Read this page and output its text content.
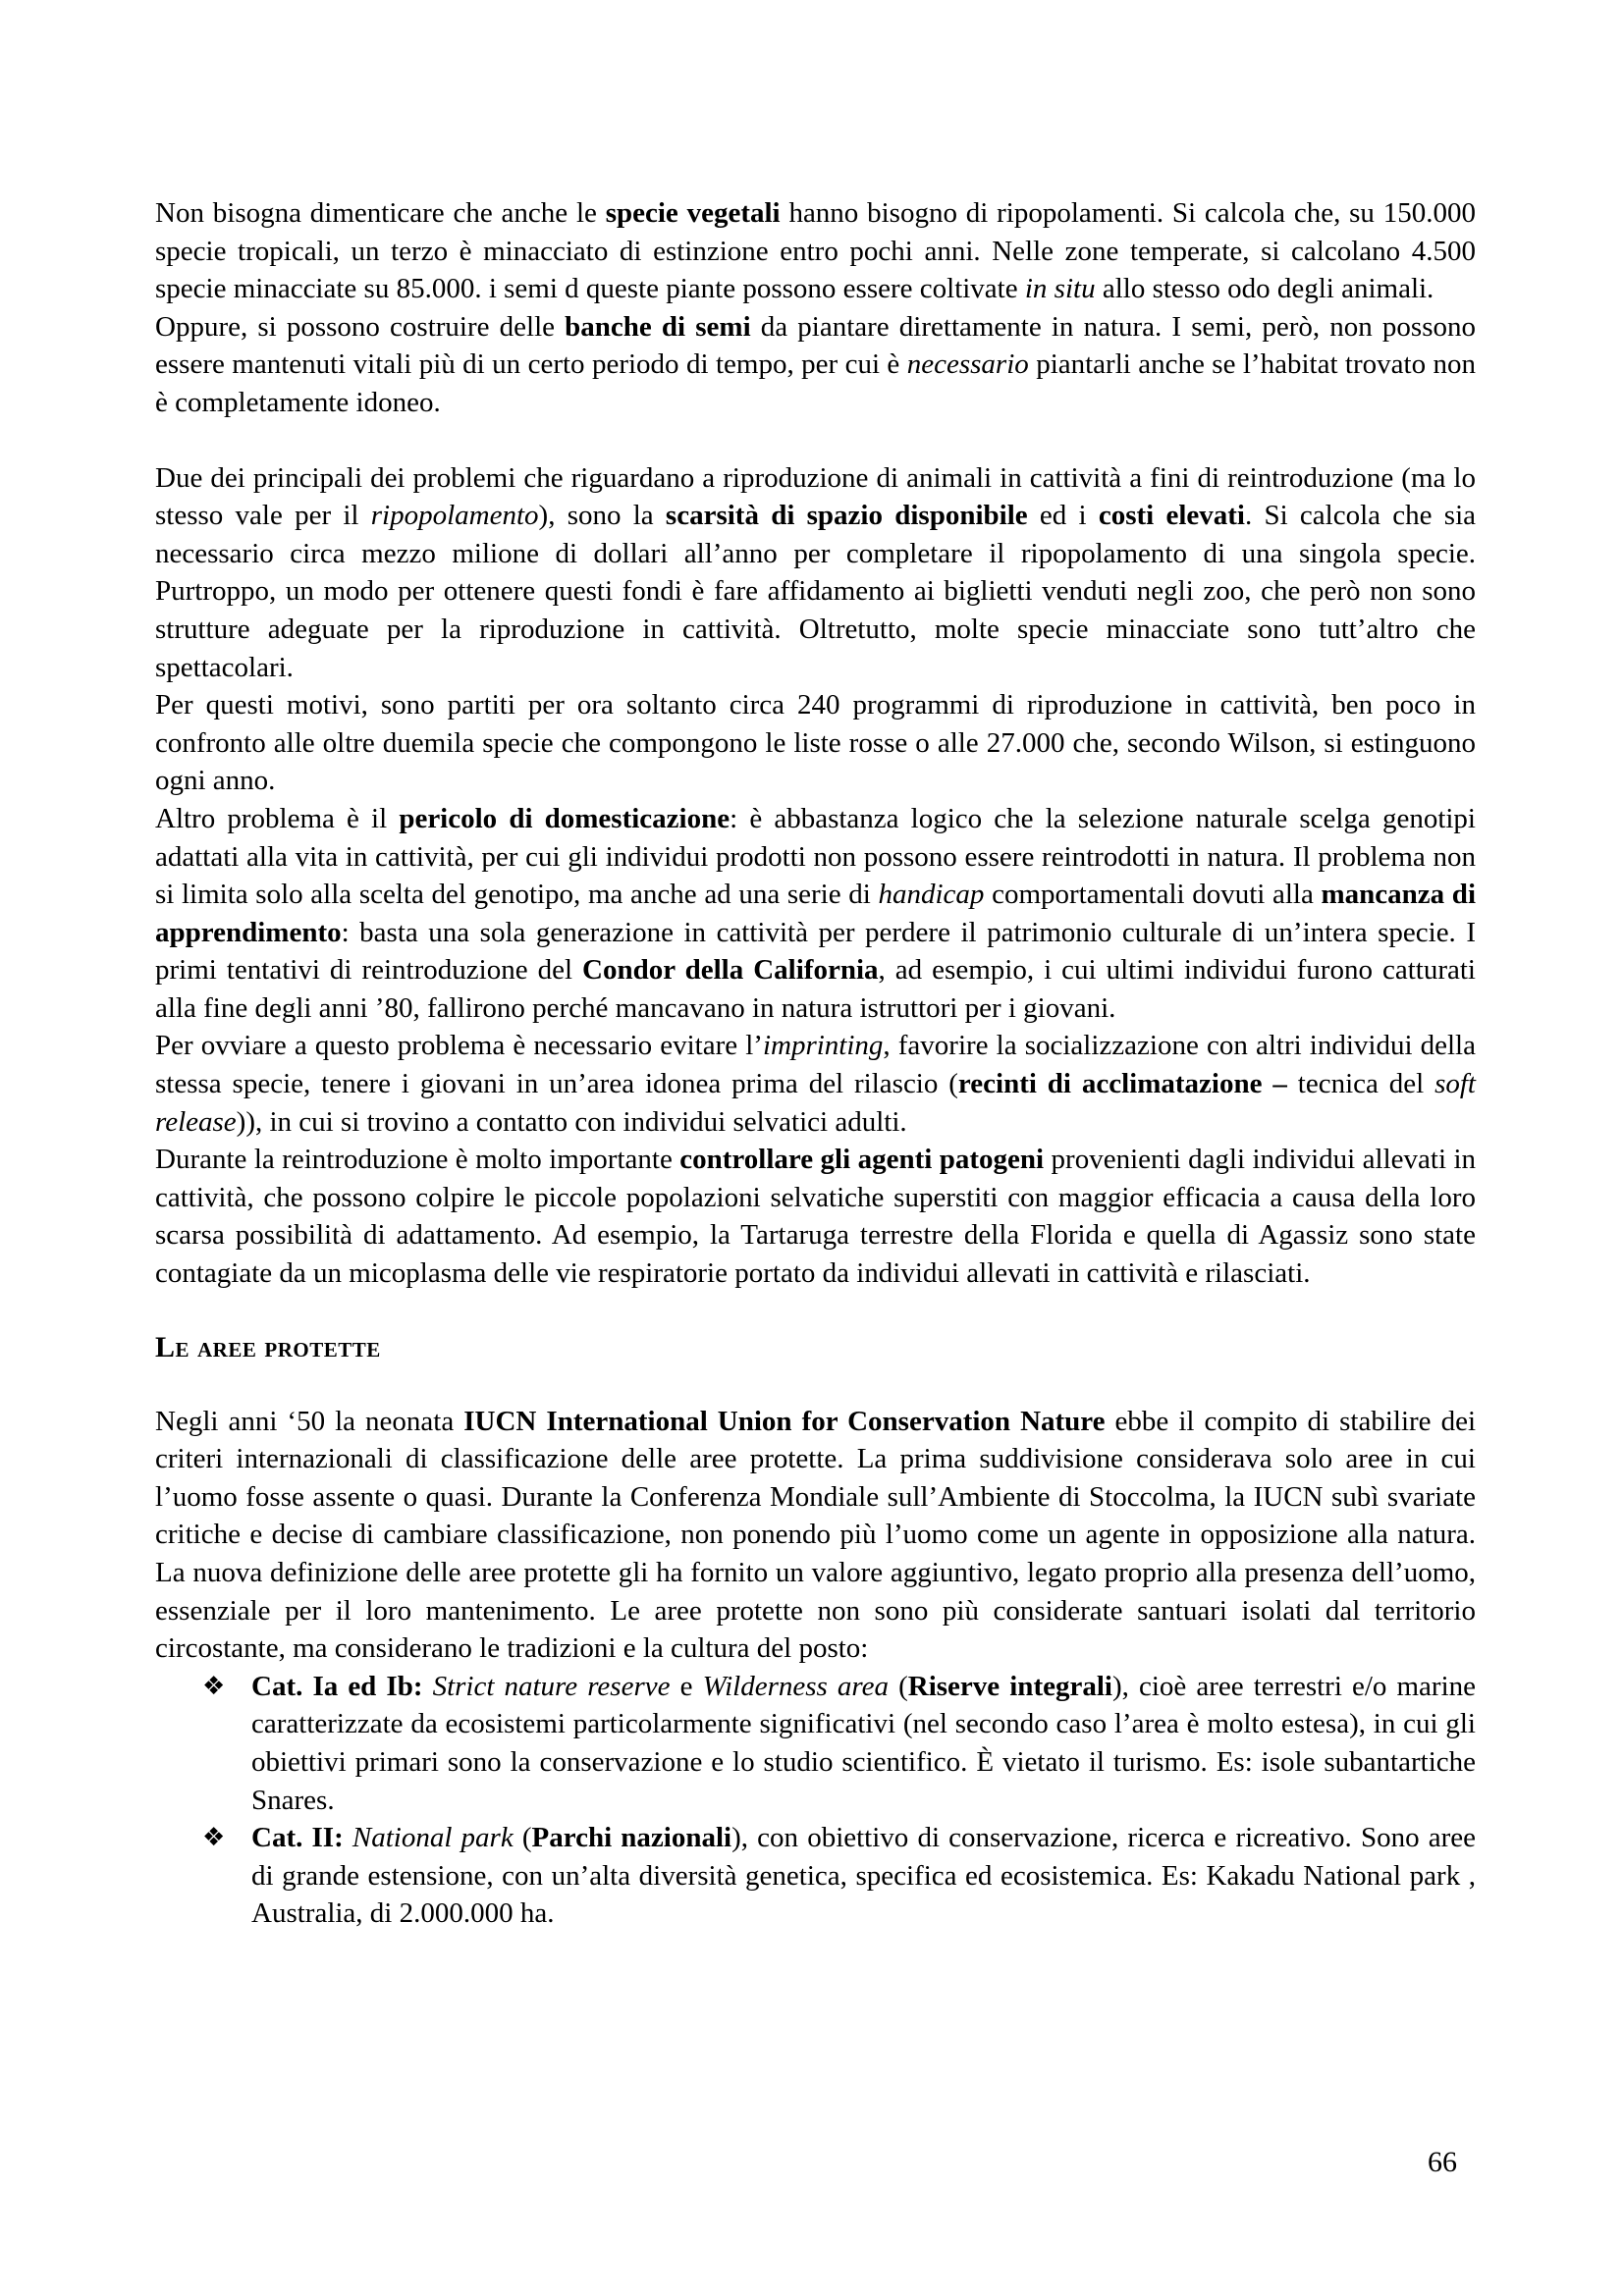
Non bisogna dimenticare che anche le specie vegetali hanno bisogno di ripopolamenti. Si calcola che, su 150.000 specie tropicali, un terzo è minacciato di estinzione entro pochi anni. Nelle zone temperate, si calcolano 4.500 specie minacciate su 85.000. i semi d queste piante possono essere coltivate in situ allo stesso odo degli animali.

Oppure, si possono costruire delle banche di semi da piantare direttamente in natura. I semi, però, non possono essere mantenuti vitali più di un certo periodo di tempo, per cui è necessario piantarli anche se l’habitat trovato non è completamente idoneo.

Due dei principali dei problemi che riguardano a riproduzione di animali in cattività a fini di reintroduzione (ma lo stesso vale per il ripopolamento), sono la scarsità di spazio disponibile ed i costi elevati. Si calcola che sia necessario circa mezzo milione di dollari all’anno per completare il ripopolamento di una singola specie. Purtroppo, un modo per ottenere questi fondi è fare affidamento ai biglietti venduti negli zoo, che però non sono strutture adeguate per la riproduzione in cattività. Oltretutto, molte specie minacciate sono tutt’altro che spettacolari.

Per questi motivi, sono partiti per ora soltanto circa 240 programmi di riproduzione in cattività, ben poco in confronto alle oltre duemila specie che compongono le liste rosse o alle 27.000 che, secondo Wilson, si estinguono ogni anno.

Altro problema è il pericolo di domesticazione: è abbastanza logico che la selezione naturale scelga genotipi adattati alla vita in cattività, per cui gli individui prodotti non possono essere reintrodotti in natura. Il problema non si limita solo alla scelta del genotipo, ma anche ad una serie di handicap comportamentali dovuti alla mancanza di apprendimento: basta una sola generazione in cattività per perdere il patrimonio culturale di un’intera specie. I primi tentativi di reintroduzione del Condor della California, ad esempio, i cui ultimi individui furono catturati alla fine degli anni ’80, fallirono perché mancavano in natura istruttori per i giovani.

Per ovviare a questo problema è necessario evitare l’imprinting, favorire la socializzazione con altri individui della stessa specie, tenere i giovani in un’area idonea prima del rilascio (recinti di acclimatazione – tecnica del soft release)), in cui si trovino a contatto con individui selvatici adulti.

Durante la reintroduzione è molto importante controllare gli agenti patogeni provenienti dagli individui allevati in cattività, che possono colpire le piccole popolazioni selvatiche superstiti con maggior efficacia a causa della loro scarsa possibilità di adattamento. Ad esempio, la Tartaruga terrestre della Florida e quella di Agassiz sono state contagiate da un micoplasma delle vie respiratorie portato da individui allevati in cattività e rilasciati.

Le aree protette

Negli anni ‘50 la neonata IUCN International Union for Conservation Nature ebbe il compito di stabilire dei criteri internazionali di classificazione delle aree protette. La prima suddivisione considerava solo aree in cui l’uomo fosse assente o quasi. Durante la Conferenza Mondiale sull’Ambiente di Stoccolma, la IUCN subì svariate critiche e decise di cambiare classificazione, non ponendo più l’uomo come un agente in opposizione alla natura. La nuova definizione delle aree protette gli ha fornito un valore aggiuntivo, legato proprio alla presenza dell’uomo, essenziale per il loro mantenimento. Le aree protette non sono più considerate santuari isolati dal territorio circostante, ma considerano le tradizioni e la cultura del posto:

❖ Cat. Ia ed Ib: Strict nature reserve e Wilderness area (Riserve integrali), cioè aree terrestri e/o marine caratterizzate da ecosistemi particolarmente significativi (nel secondo caso l’area è molto estesa), in cui gli obiettivi primari sono la conservazione e lo studio scientifico. È vietato il turismo. Es: isole subantartiche Snares.
❖ Cat. II: National park (Parchi nazionali), con obiettivo di conservazione, ricerca e ricreativo. Sono aree di grande estensione, con un’alta diversità genetica, specifica ed ecosistemica. Es: Kakadu National park , Australia, di 2.000.000 ha.
66
